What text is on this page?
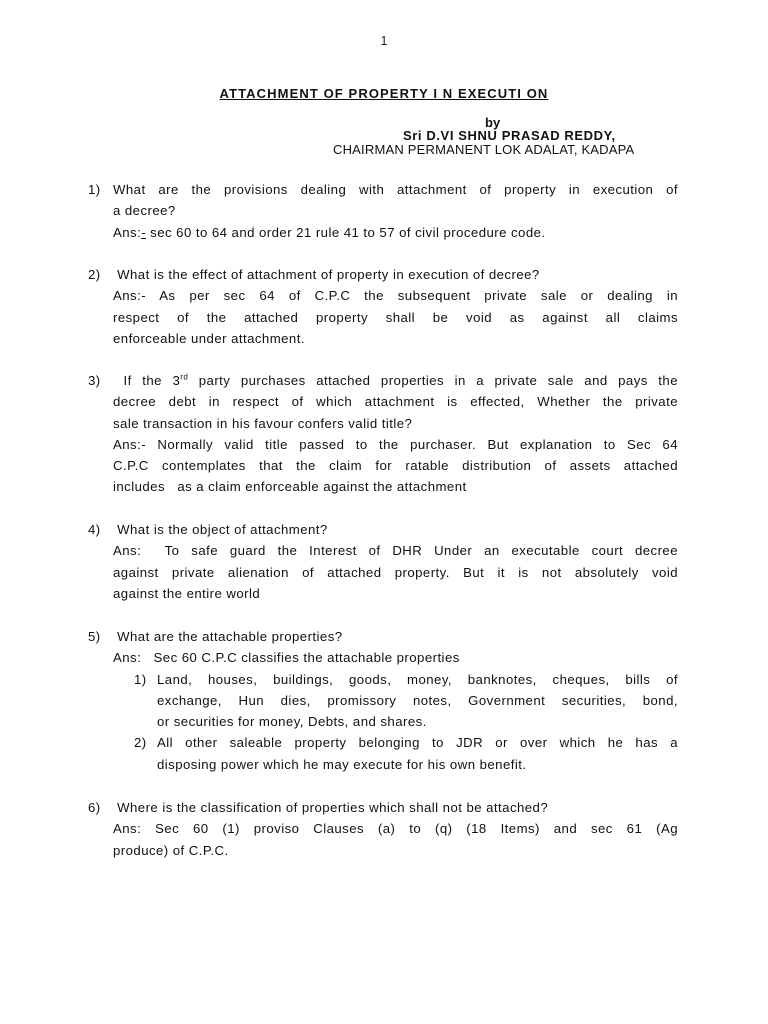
1
ATTACHMENT OF PROPERTY I N EXECUTI ON
by
Sri D.VI SHNU PRASAD REDDY,
CHAIRMAN PERMANENT LOK ADALAT, KADAPA
1) What are the provisions dealing with attachment of property in execution of
a decree?
Ans:- sec 60 to 64 and order 21 rule 41 to 57 of civil procedure code.
2) What is the effect of attachment of property in execution of decree?
Ans:- As per sec 64 of C.P.C the subsequent private sale or dealing in
respect of the attached property shall be void as against all claims
enforceable under attachment.
3) If the 3rd party purchases attached properties in a private sale and pays the
decree debt in respect of which attachment is effected, Whether the private
sale transaction in his favour confers valid title?
Ans:- Normally valid title passed to the purchaser. But explanation to Sec 64
C.P.C contemplates that the claim for ratable distribution of assets attached
includes   as a claim enforceable against the attachment
4) What is the object of attachment?
Ans: To safe guard the Interest of DHR Under an executable court decree
against private alienation of attached property. But it is not absolutely void
against the entire world
5) What are the attachable properties?
Ans: Sec 60 C.P.C classifies the attachable properties
1) Land, houses, buildings, goods, money, banknotes, cheques, bills of
exchange, Hun dies, promissory notes, Government securities, bond,
or securities for money, Debts, and shares.
2) All other saleable property belonging to JDR or over which he has a
disposing power which he may execute for his own benefit.
6) Where is the classification of properties which shall not be attached?
Ans: Sec 60 (1) proviso Clauses (a) to (q) (18 Items) and sec 61 (Ag
produce) of C.P.C.
